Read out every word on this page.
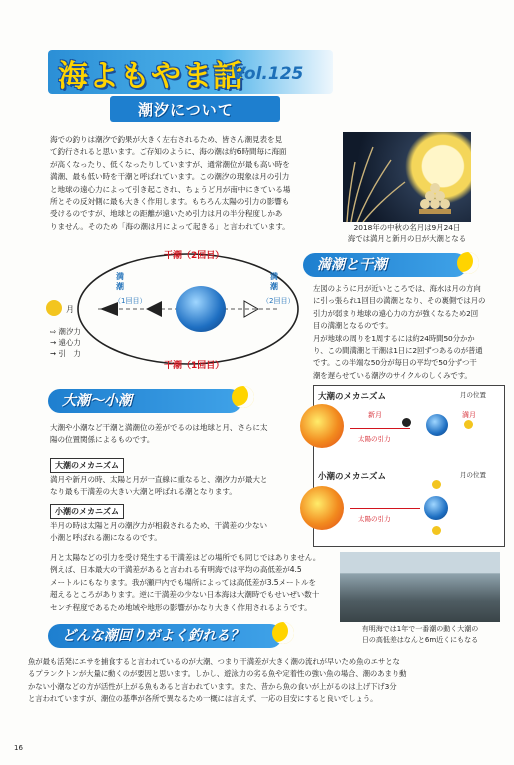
海よもやま話
Vol.125
潮汐について
海での釣りは潮汐で釣果が大きく左右されるため、皆さん潮見表を見
て釣行されると思います。ご存知のように、海の潮は約6時間毎に海面
が高くなったり、低くなったりしていますが、通常潮位が最も高い時を
満潮、最も低い時を干潮と呼ばれています。この潮汐の現象は月の引力
と地球の遠心力によって引き起こされ、ちょうど月が南中にきている場
所とその反対側に最も大きく作用します。もちろん太陽の引力の影響も
受けるのですが、地球との距離が遠いため引力は月の半分程度しかあ
りません。そのため「海の潮は月によって起きる」と言われています。	2018年の中秋の名月は9月24日
海では満月と新月の日が大潮となる
干潮（2回目）
干潮（1回目）
満潮
（1回目）
満潮
（2回目）
月
⇨ 潮汐力
→ 遠心力
➞ 引　力
満潮と干潮
左図のように月が近いところでは、海水は月の方向
に引っ張られ1回目の満潮となり、その裏側では月の
引力が弱まり地球の遠心力の方が強くなるため2回
目の満潮となるのです。
月が地球の周りを1周するには約24時間50分かか
り、この間満潮と干潮は1日に2回ずつあるのが普通
です。この半端な50分が毎日の平均で50分ずつ干
潮を遅らせている潮汐のサイクルのしくみです。
大潮〜小潮
大潮や小潮など干潮と満潮位の差がでるのは地球と月、さらに太
陽の位置関係によるものです。
大潮のメカニズム
満月や新月の時、太陽と月が一直線に重なると、潮汐力が最大と
なり最も干満差の大きい大潮と呼ばれる潮となります。
小潮のメカニズム
半月の時は太陽と月の潮汐力が相殺されるため、干満差の少ない
小潮と呼ばれる潮になるのです。
大潮のメカニズム	月の位置
新月	満月
太陽の引力
小潮のメカニズム	月の位置
太陽の引力
月と太陽などの引力を受け発生する干満差はどの場所でも同じではありません。
例えば、日本最大の干満差があると言われる有明海では平均の高低差が4.5
メートルにもなります。我が瀬戸内でも場所によっては高低差が3.5メートルを
超えるところがあります。逆に干満差の少ない日本海は大潮時でもせいぜい数十
センチ程度であるため地域や地形の影響がかなり大きく作用されるようです。
有明海では1年で一番潮の動く大潮の
日の高低差はなんと6m近くにもなる
どんな潮回りがよく釣れる？
魚が最も活発にエサを捕食すると言われているのが大潮、つまり干満差が大きく潮の流れが早いため魚のエサとな
るプランクトンが大量に動くのが要因と思います。しかし、遊泳力の劣る魚や定着性の強い魚の場合、潮のあまり動
かない小潮などの方が活性が上がる魚もあると言われています。また、昔から魚の食いが上がるのは上げ下げ3分
と言われていますが、潮位の基準が各所で異なるため一概には言えず、一応の目安にすると良いでしょう。
16
